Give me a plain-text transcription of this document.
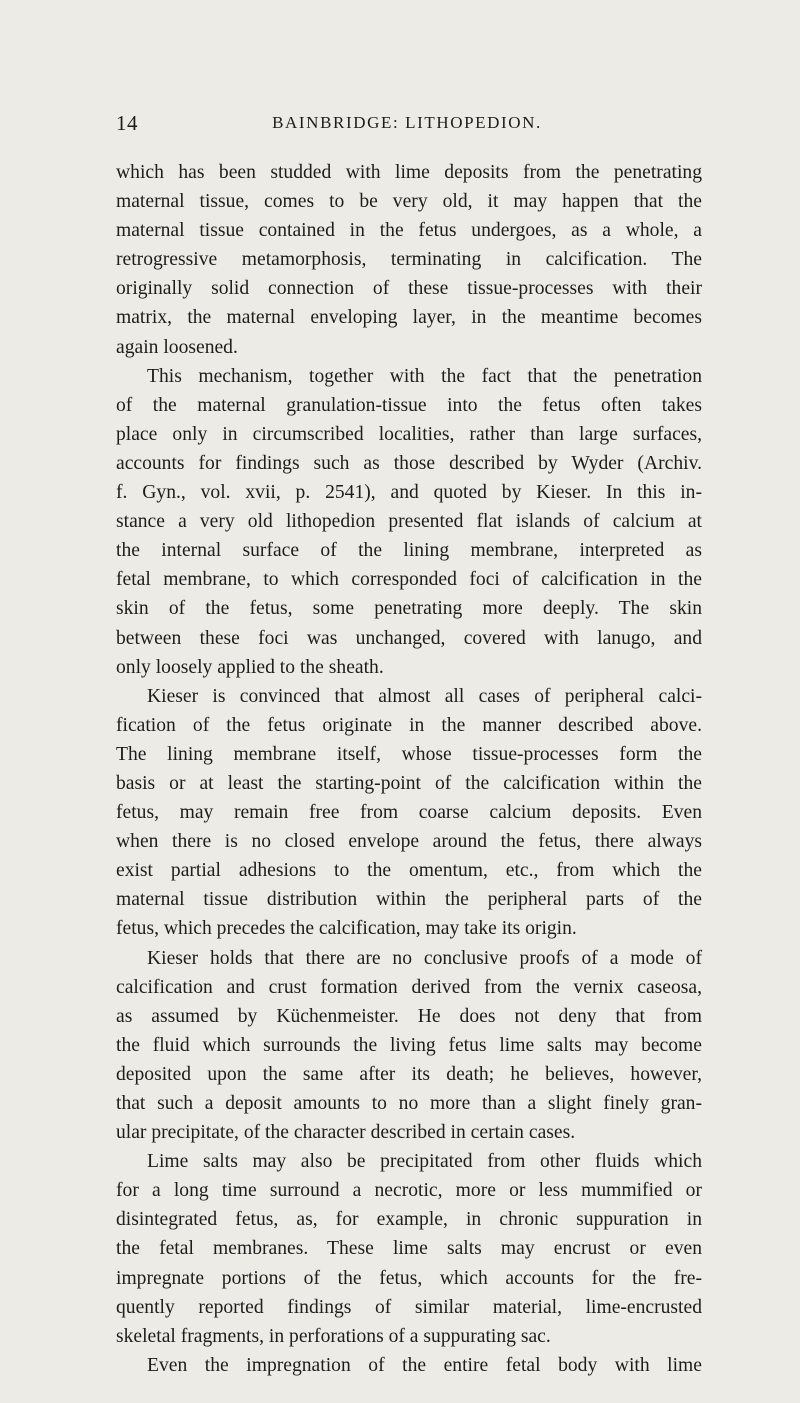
14	BAINBRIDGE: LITHOPEDION.
which has been studded with lime deposits from the penetrating
maternal tissue, comes to be very old, it may happen that the
maternal tissue contained in the fetus undergoes, as a whole, a
retrogressive metamorphosis, terminating in calcification. The
originally solid connection of these tissue-processes with their
matrix, the maternal enveloping layer, in the meantime becomes
again loosened.
This mechanism, together with the fact that the penetration
of the maternal granulation-tissue into the fetus often takes
place only in circumscribed localities, rather than large surfaces,
accounts for findings such as those described by Wyder (Archiv.
f. Gyn., vol. xvii, p. 2541), and quoted by Kieser. In this in-
stance a very old lithopedion presented flat islands of calcium at
the internal surface of the lining membrane, interpreted as
fetal membrane, to which corresponded foci of calcification in the
skin of the fetus, some penetrating more deeply. The skin
between these foci was unchanged, covered with lanugo, and
only loosely applied to the sheath.
Kieser is convinced that almost all cases of peripheral calci-
fication of the fetus originate in the manner described above.
The lining membrane itself, whose tissue-processes form the
basis or at least the starting-point of the calcification within the
fetus, may remain free from coarse calcium deposits. Even
when there is no closed envelope around the fetus, there always
exist partial adhesions to the omentum, etc., from which the
maternal tissue distribution within the peripheral parts of the
fetus, which precedes the calcification, may take its origin.
Kieser holds that there are no conclusive proofs of a mode of
calcification and crust formation derived from the vernix caseosa,
as assumed by Küchenmeister. He does not deny that from
the fluid which surrounds the living fetus lime salts may become
deposited upon the same after its death; he believes, however,
that such a deposit amounts to no more than a slight finely gran-
ular precipitate, of the character described in certain cases.
Lime salts may also be precipitated from other fluids which
for a long time surround a necrotic, more or less mummified or
disintegrated fetus, as, for example, in chronic suppuration in
the fetal membranes. These lime salts may encrust or even
impregnate portions of the fetus, which accounts for the fre-
quently reported findings of similar material, lime-encrusted
skeletal fragments, in perforations of a suppurating sac.
Even the impregnation of the entire fetal body with lime
